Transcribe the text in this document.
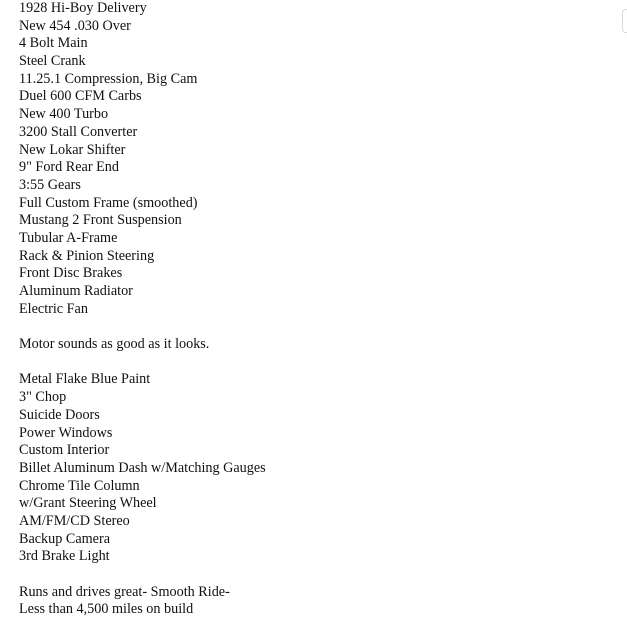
1928 Hi-Boy Delivery
New 454 .030 Over
4 Bolt Main
Steel Crank
11.25.1 Compression, Big Cam
Duel 600 CFM Carbs
New 400 Turbo
3200 Stall Converter
New Lokar Shifter
9" Ford Rear End
3:55 Gears
Full Custom Frame (smoothed)
Mustang 2 Front Suspension
Tubular A-Frame
Rack & Pinion Steering
Front Disc Brakes
Aluminum Radiator
Electric Fan
Motor sounds as good as it looks.
Metal Flake Blue Paint
3" Chop
Suicide Doors
Power Windows
Custom Interior
Billet Aluminum Dash w/Matching Gauges
Chrome Tile Column
w/Grant Steering Wheel
AM/FM/CD Stereo
Backup Camera
3rd Brake Light
Runs and drives great- Smooth Ride-
Less than 4,500 miles on build
